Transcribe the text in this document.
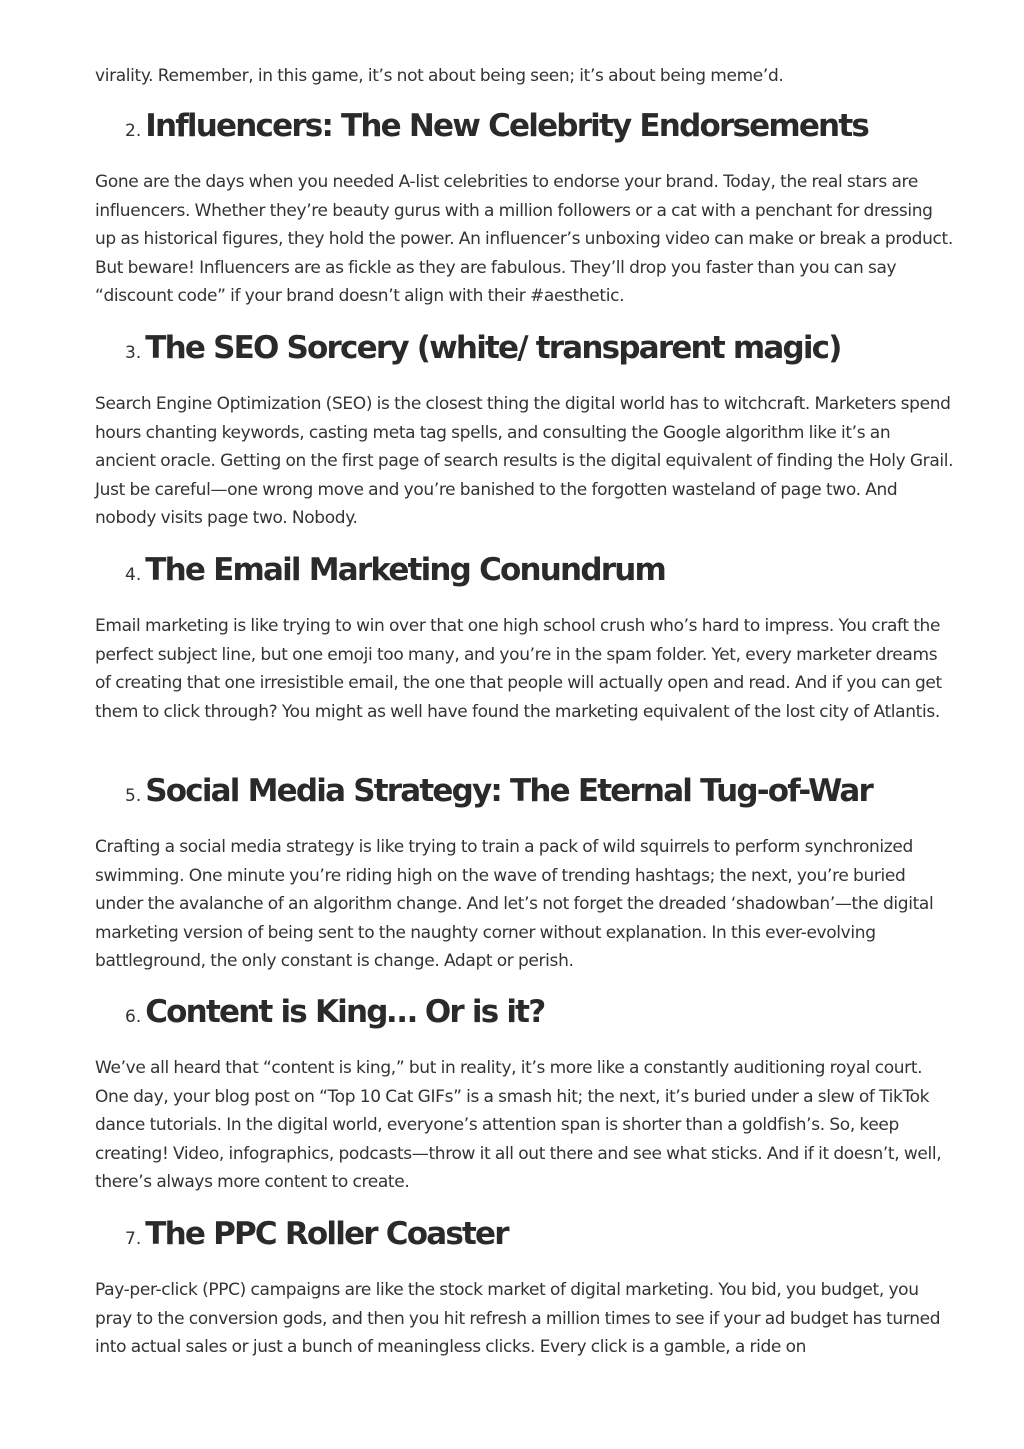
virality. Remember, in this game, it’s not about being seen; it’s about being meme’d.

2. Influencers: The New Celebrity Endorsements

Gone are the days when you needed A-list celebrities to endorse your brand. Today, the real stars are influencers. Whether they’re beauty gurus with a million followers or a cat with a penchant for dressing up as historical figures, they hold the power. An influencer’s unboxing video can make or break a product. But beware! Influencers are as fickle as they are fabulous. They’ll drop you faster than you can say “discount code” if your brand doesn’t align with their #aesthetic.

3. The SEO Sorcery (white/ transparent magic)

Search Engine Optimization (SEO) is the closest thing the digital world has to witchcraft. Marketers spend hours chanting keywords, casting meta tag spells, and consulting the Google algorithm like it’s an ancient oracle. Getting on the first page of search results is the digital equivalent of finding the Holy Grail. Just be careful—one wrong move and you’re banished to the forgotten wasteland of page two. And nobody visits page two. Nobody.

4. The Email Marketing Conundrum

Email marketing is like trying to win over that one high school crush who’s hard to impress. You craft the perfect subject line, but one emoji too many, and you’re in the spam folder. Yet, every marketer dreams of creating that one irresistible email, the one that people will actually open and read. And if you can get them to click through? You might as well have found the marketing equivalent of the lost city of Atlantis.

5. Social Media Strategy: The Eternal Tug-of-War

Crafting a social media strategy is like trying to train a pack of wild squirrels to perform synchronized swimming. One minute you’re riding high on the wave of trending hashtags; the next, you’re buried under the avalanche of an algorithm change. And let’s not forget the dreaded ‘shadowban’—the digital marketing version of being sent to the naughty corner without explanation. In this ever-evolving battleground, the only constant is change. Adapt or perish.

6. Content is King… Or is it?

We’ve all heard that “content is king,” but in reality, it’s more like a constantly auditioning royal court. One day, your blog post on “Top 10 Cat GIFs” is a smash hit; the next, it’s buried under a slew of TikTok dance tutorials. In the digital world, everyone’s attention span is shorter than a goldfish’s. So, keep creating! Video, infographics, podcasts—throw it all out there and see what sticks. And if it doesn’t, well, there’s always more content to create.

7. The PPC Roller Coaster

Pay-per-click (PPC) campaigns are like the stock market of digital marketing. You bid, you budget, you pray to the conversion gods, and then you hit refresh a million times to see if your ad budget has turned into actual sales or just a bunch of meaningless clicks. Every click is a gamble, a ride on
